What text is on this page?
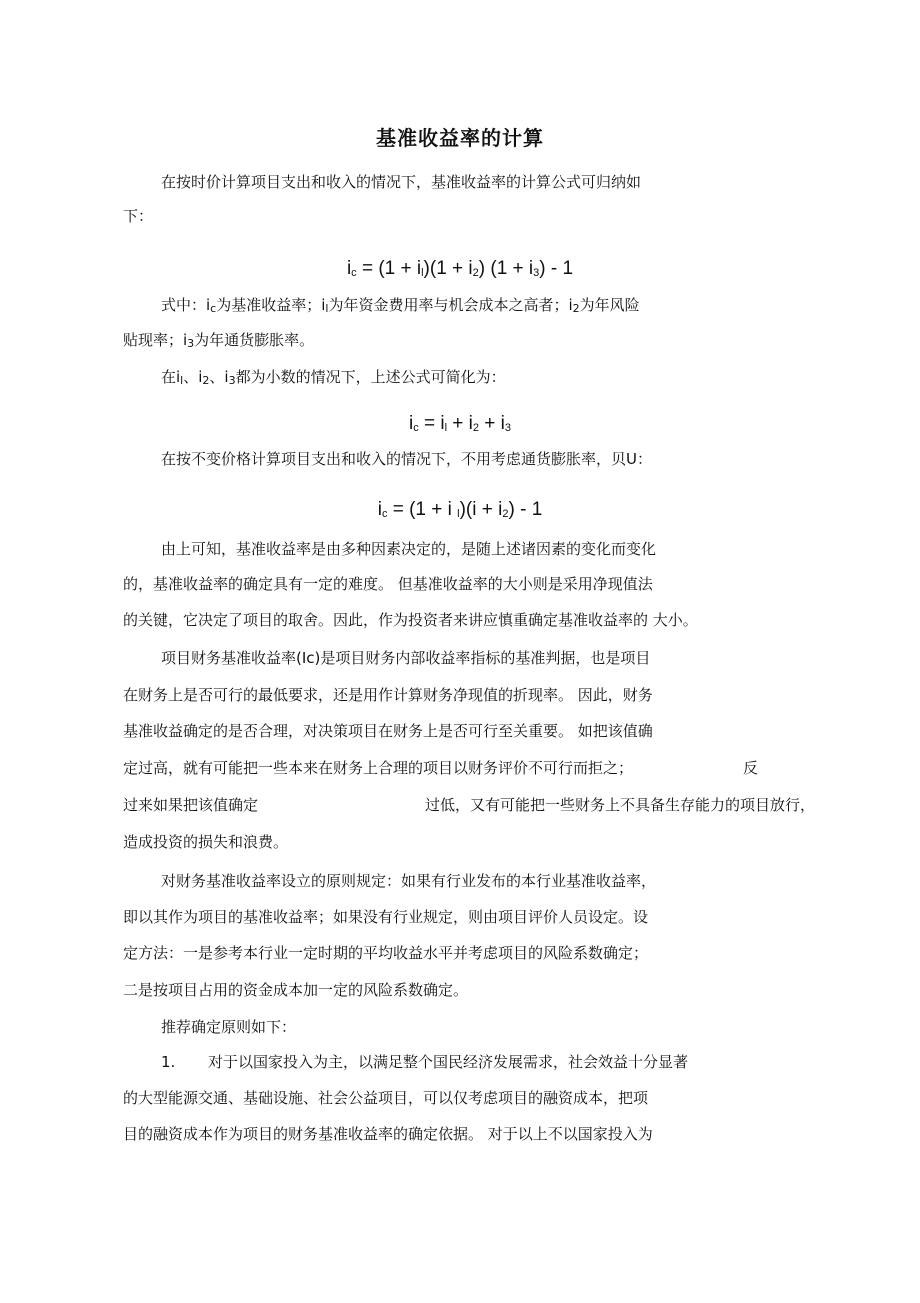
基准收益率的计算
在按时价计算项目支出和收入的情况下，基准收益率的计算公式可归纳如
下：
$i_c = (1 + i_l)(1 + i_2) (1 + i_3) - 1$
式中：$i_c$为基准收益率；$i_l$为年资金费用率与机会成本之高者；$i_2$为年风险
贴现率；$i_3$为年通货膨胀率。
在$i_l$、$i_2$、$i_3$都为小数的情况下，上述公式可简化为：
$i_c = i_l + i_2 + i_3$
在按不变价格计算项目支出和收入的情况下，不用考虑通货膨胀率，贝U：
$i_c = (1 + i$ $_l)(i + i_2) - 1$
由上可知，基准收益率是由多种因素决定的，是随上述诸因素的变化而变化
的，基准收益率的确定具有一定的难度。 但基准收益率的大小则是采用净现值法
的关键，它决定了项目的取舍。因此，作为投资者来讲应慎重确定基准收益率的 大小。
项目财务基准收益率(Ic)是项目财务内部收益率指标的基准判据，也是项目
在财务上是否可行的最低要求，还是用作计算财务净现值的折现率。 因此，财务
基准收益确定的是否合理，对决策项目在财务上是否可行至关重要。 如把该值确
定过高，就有可能把一些本来在财务上合理的项目以财务评价不可行而拒之；	反
过来如果把该值确定	过低，又有可能把一些财务上不具备生存能力的项目放行，
造成投资的损失和浪费。
对财务基准收益率设立的原则规定：如果有行业发布的本行业基准收益率，
即以其作为项目的基准收益率；如果没有行业规定，则由项目评价人员设定。设
定方法：一是参考本行业一定时期的平均收益水平并考虑项目的风险系数确定；
二是按项目占用的资金成本加一定的风险系数确定。
推荐确定原则如下：
1. 对于以国家投入为主，以满足整个国民经济发展需求，社会效益十分显著
的大型能源交通、基础设施、社会公益项目，可以仅考虑项目的融资成本，把项
目的融资成本作为项目的财务基准收益率的确定依据。 对于以上不以国家投入为
